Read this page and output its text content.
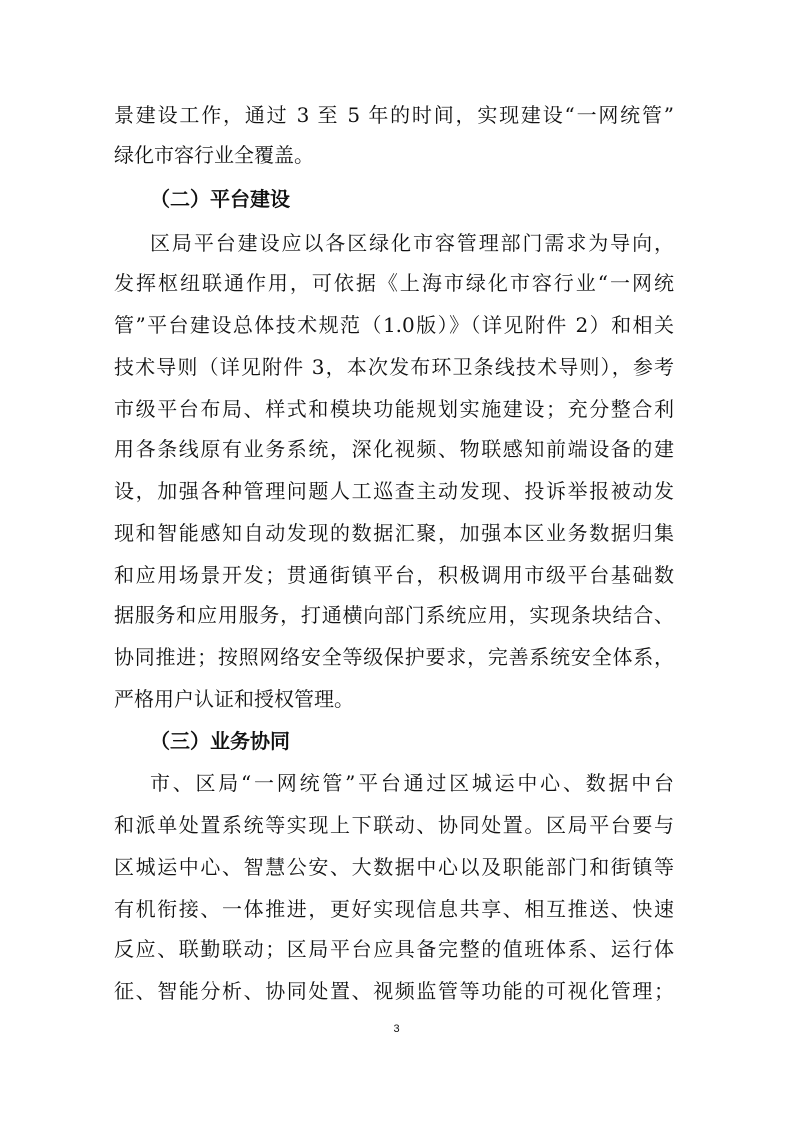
景建设工作，通过 3 至 5 年的时间，实现建设“一网统管”
绿化市容行业全覆盖。
（二）平台建设
区局平台建设应以各区绿化市容管理部门需求为导向，
发挥枢纽联通作用，可依据《上海市绿化市容行业“一网统
管”平台建设总体技术规范（1.0版）》（详见附件 2）和相关
技术导则（详见附件 3，本次发布环卫条线技术导则），参考
市级平台布局、样式和模块功能规划实施建设；充分整合利
用各条线原有业务系统，深化视频、物联感知前端设备的建
设，加强各种管理问题人工巡查主动发现、投诉举报被动发
现和智能感知自动发现的数据汇聚，加强本区业务数据归集
和应用场景开发；贯通街镇平台，积极调用市级平台基础数
据服务和应用服务，打通横向部门系统应用，实现条块结合、
协同推进；按照网络安全等级保护要求，完善系统安全体系，
严格用户认证和授权管理。
（三）业务协同
市、区局“一网统管”平台通过区城运中心、数据中台
和派单处置系统等实现上下联动、协同处置。区局平台要与
区城运中心、智慧公安、大数据中心以及职能部门和街镇等
有机衔接、一体推进，更好实现信息共享、相互推送、快速
反应、联勤联动；区局平台应具备完整的值班体系、运行体
征、智能分析、协同处置、视频监管等功能的可视化管理；
3
